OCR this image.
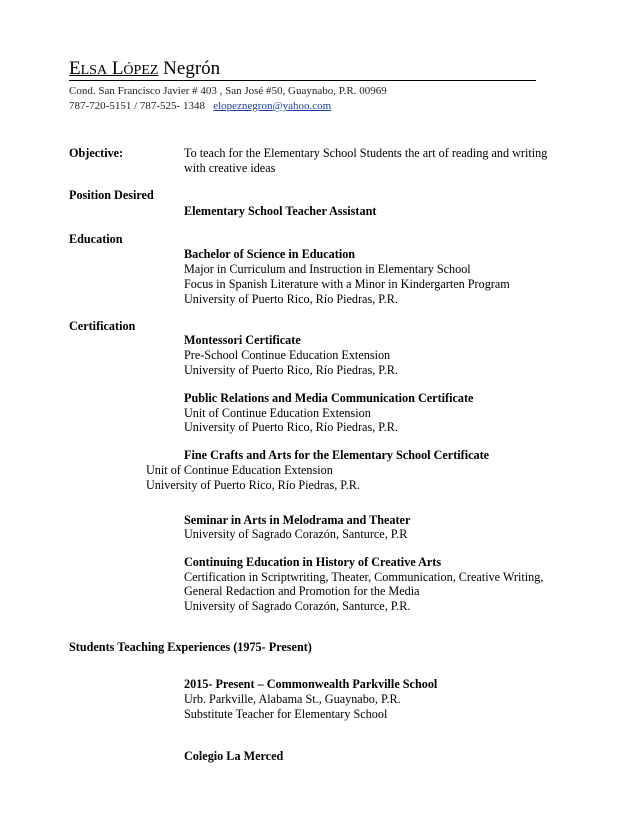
ELSA LÓPEZ Negrón
Cond. San Francisco Javier # 403 , San José #50, Guaynabo, P.R. 00969
787-720-5151 / 787-525- 1348 elopeznegron@yahoo.com
Objective:	To teach for the Elementary School Students the art of reading and writing
with creative ideas
Position Desired
Elementary School Teacher Assistant
Education
Bachelor of Science in Education
Major in Curriculum and Instruction in Elementary School
Focus in Spanish Literature with a Minor in Kindergarten Program
University of Puerto Rico, Río Piedras, P.R.
Certification
Montessori Certificate
Pre-School Continue Education Extension
University of Puerto Rico, Río Piedras, P.R.
Public Relations and Media Communication Certificate
Unit of Continue Education Extension
University of Puerto Rico, Río Piedras, P.R.
Fine Crafts and Arts for the Elementary School Certificate
Unit of Continue Education Extension
University of Puerto Rico, Río Piedras, P.R.
Seminar in Arts in Melodrama and Theater
University of Sagrado Corazón, Santurce, P.R
Continuing Education in History of Creative Arts
Certification in Scriptwriting, Theater, Communication, Creative Writing,
General Redaction and Promotion for the Media
University of Sagrado Corazón, Santurce, P.R.
Students Teaching Experiences (1975- Present)
2015- Present – Commonwealth Parkville School
Urb. Parkville, Alabama St., Guaynabo, P.R.
Substitute Teacher for Elementary School
Colegio La Merced
